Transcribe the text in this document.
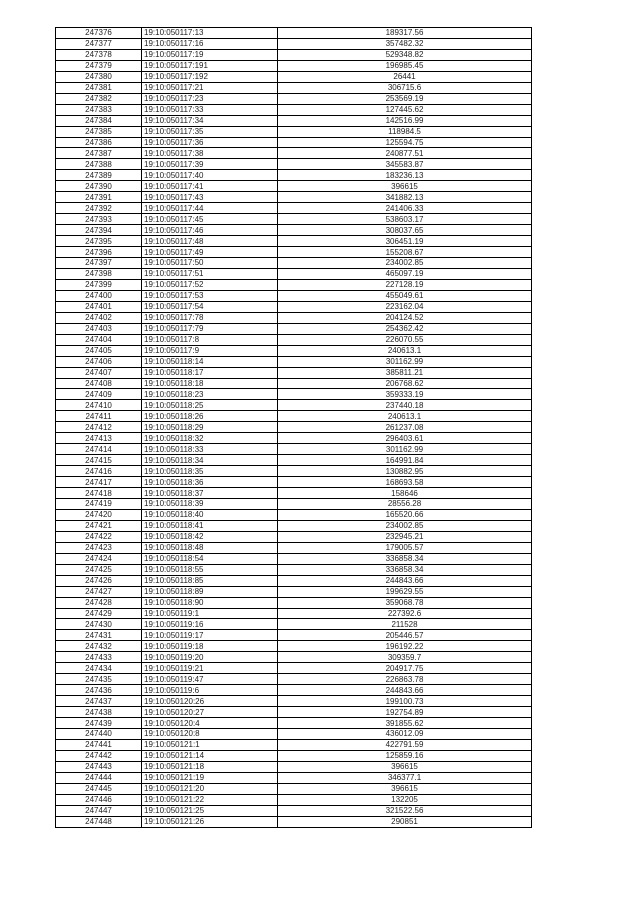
247376	19:10:050117:13	189317.56
247377	19:10:050117:16	357482.32
247378	19:10:050117:19	529348.82
247379	19:10:050117:191	196985.45
247380	19:10:050117:192	26441
247381	19:10:050117:21	306715.6
247382	19:10:050117:23	253569.19
247383	19:10:050117:33	127445.62
247384	19:10:050117:34	142516.99
247385	19:10:050117:35	118984.5
247386	19:10:050117:36	125594.75
247387	19:10:050117:38	240877.51
247388	19:10:050117:39	345583.87
247389	19:10:050117:40	183236.13
247390	19:10:050117:41	396615
247391	19:10:050117:43	341882.13
247392	19:10:050117:44	241406.33
247393	19:10:050117:45	538603.17
247394	19:10:050117:46	308037.65
247395	19:10:050117:48	306451.19
247396	19:10:050117:49	155208.67
247397	19:10:050117:50	234002.85
247398	19:10:050117:51	465097.19
247399	19:10:050117:52	227128.19
247400	19:10:050117:53	455049.61
247401	19:10:050117:54	223162.04
247402	19:10:050117:78	204124.52
247403	19:10:050117:79	254362.42
247404	19:10:050117:8	226070.55
247405	19:10:050117:9	240613.1
247406	19:10:050118:14	301162.99
247407	19:10:050118:17	385811.21
247408	19:10:050118:18	206768.62
247409	19:10:050118:23	359333.19
247410	19:10:050118:25	237440.18
247411	19:10:050118:26	240613.1
247412	19:10:050118:29	261237.08
247413	19:10:050118:32	296403.61
247414	19:10:050118:33	301162.99
247415	19:10:050118:34	164991.84
247416	19:10:050118:35	130882.95
247417	19:10:050118:36	168693.58
247418	19:10:050118:37	158646
247419	19:10:050118:39	28556.28
247420	19:10:050118:40	165520.66
247421	19:10:050118:41	234002.85
247422	19:10:050118:42	232945.21
247423	19:10:050118:48	179005.57
247424	19:10:050118:54	336858.34
247425	19:10:050118:55	336858.34
247426	19:10:050118:85	244843.66
247427	19:10:050118:89	199629.55
247428	19:10:050118:90	359068.78
247429	19:10:050119:1	227392.6
247430	19:10:050119:16	211528
247431	19:10:050119:17	205446.57
247432	19:10:050119:18	196192.22
247433	19:10:050119:20	309359.7
247434	19:10:050119:21	204917.75
247435	19:10:050119:47	226863.78
247436	19:10:050119:6	244843.66
247437	19:10:050120:26	199100.73
247438	19:10:050120:27	192754.89
247439	19:10:050120:4	391855.62
247440	19:10:050120:8	436012.09
247441	19:10:050121:1	422791.59
247442	19:10:050121:14	125859.16
247443	19:10:050121:18	396615
247444	19:10:050121:19	346377.1
247445	19:10:050121:20	396615
247446	19:10:050121:22	132205
247447	19:10:050121:25	321522.56
247448	19:10:050121:26	290851
